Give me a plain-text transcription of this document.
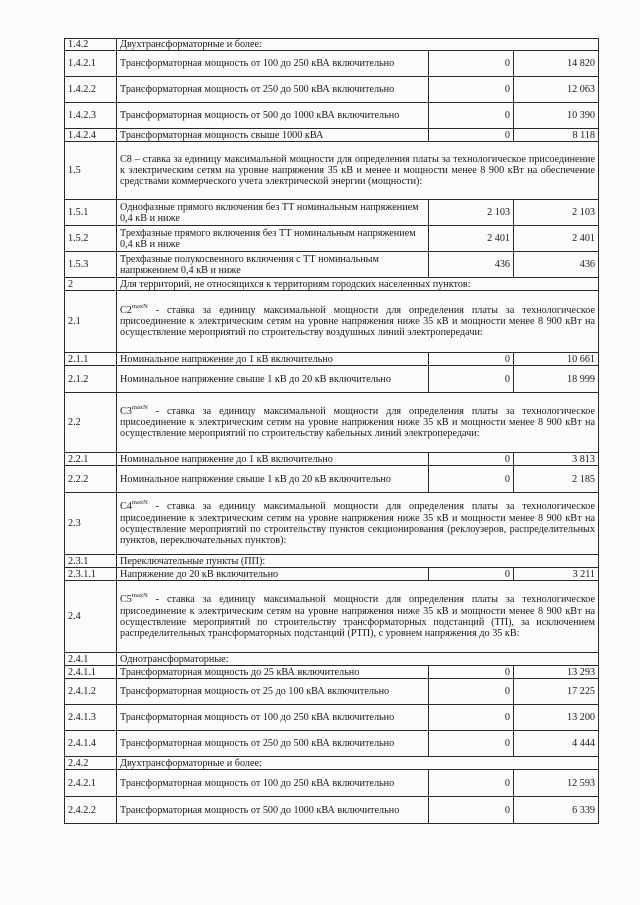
1.4.2	Двухтрансформаторные и более:		
1.4.2.1	Трансформаторная мощность от 100 до 250 кВА включительно	0	14 820
1.4.2.2	Трансформаторная мощность от 250 до 500 кВА включительно	0	12 063
1.4.2.3	Трансформаторная мощность от 500 до 1000 кВА включительно	0	10 390
1.4.2.4	Трансформаторная мощность свыше 1000 кВА	0	8 118
1.5	C8 – ставка за единицу максимальной мощности для определения платы за технологическое присоединение к электрическим сетям на уровне напряжения 35 кВ и менее и мощности менее 8 900 кВт на обеспечение средствами коммерческого учета электрической энергии (мощности):		
1.5.1	Однофазные прямого включения без ТТ номинальным напряжением 0,4 кВ и ниже	2 103	2 103
1.5.2	Трехфазные прямого включения без ТТ номинальным напряжением 0,4 кВ и ниже	2 401	2 401
1.5.3	Трехфазные полукосвенного включения с ТТ номинальным напряжением 0,4 кВ и ниже	436	436
2	Для территорий, не относящихся к территориям городских населенных пунктов:		
2.1	$C2^{maxN}$ - ставка за единицу максимальной мощности для определения платы за технологическое присоединение к электрическим сетям на уровне напряжения ниже 35 кВ и мощности менее 8 900 кВт на осуществление мероприятий по строительству воздушных линий электропередачи:		
2.1.1	Номинальное напряжение до 1 кВ включительно	0	10 661
2.1.2	Номинальное напряжение свыше 1 кВ до 20 кВ включительно	0	18 999
2.2	$C3^{maxN}$ - ставка за единицу максимальной мощности для определения платы за технологическое присоединение к электрическим сетям на уровне напряжения ниже 35 кВ и мощности менее 8 900 кВт на осуществление мероприятий по строительству кабельных линий электропередачи:		
2.2.1	Номинальное напряжение до 1 кВ включительно	0	3 813
2.2.2	Номинальное напряжение свыше 1 кВ до 20 кВ включительно	0	2 185
2.3	$C4^{maxN}$ - ставка за единицу максимальной мощности для определения платы за технологическое присоединение к электрическим сетям на уровне напряжения ниже 35 кВ и мощности менее 8 900 кВт на осуществление мероприятий по строительству пунктов секционирования (реклоузеров, распределительных пунктов, переключательных пунктов):		
2.3.1	Переключательные пункты (ПП):		
2.3.1.1	Напряжение до 20 кВ включительно	0	3 211
2.4	$C5^{maxN}$ - ставка за единицу максимальной мощности для определения платы за технологическое присоединение к электрическим сетям на уровне напряжения ниже 35 кВ и мощности менее 8 900 кВт на осуществление мероприятий по строительству трансформаторных подстанций (ТП), за исключением распределительных трансформаторных подстанций (РТП), с уровнем напряжения до 35 кВ:		
2.4.1	Однотрансформаторные:		
2.4.1.1	Трансформаторная мощность до 25 кВА включительно	0	13 293
2.4.1.2	Трансформаторная мощность от 25 до 100 кВА включительно	0	17 225
2.4.1.3	Трансформаторная мощность от 100 до 250 кВА включительно	0	13 200
2.4.1.4	Трансформаторная мощность от 250 до 500 кВА включительно	0	4 444
2.4.2	Двухтрансформаторные и более:		
2.4.2.1	Трансформаторная мощность от 100 до 250 кВА включительно	0	12 593
2.4.2.2	Трансформаторная мощность от 500 до 1000 кВА включительно	0	6 339
